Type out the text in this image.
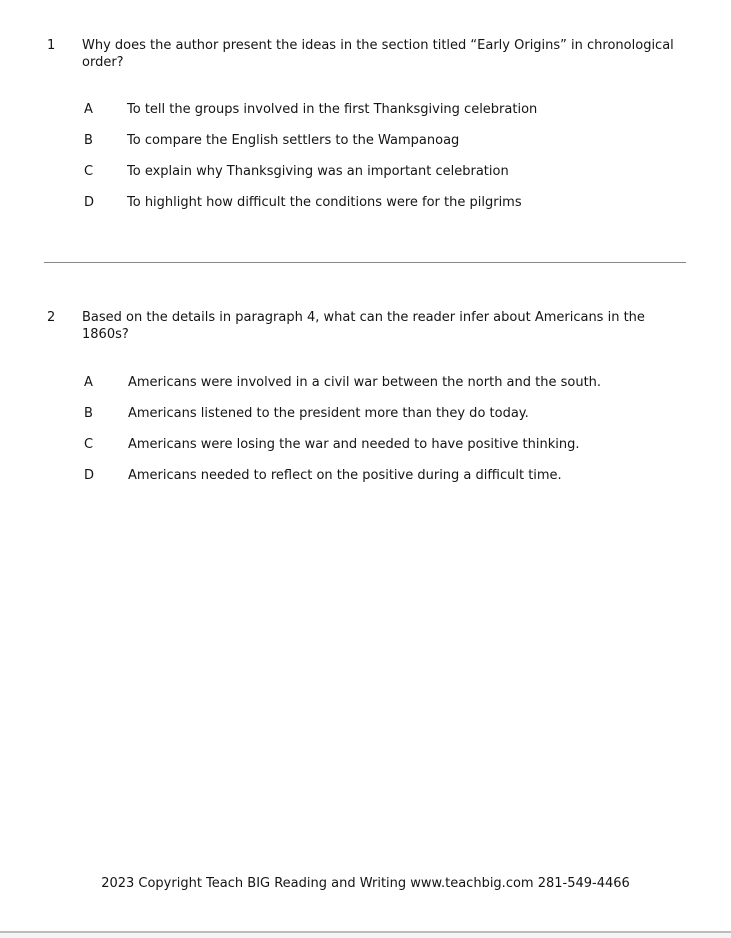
1	Why does the author present the ideas in the section titled “Early Origins” in chronological order?
A	To tell the groups involved in the first Thanksgiving celebration
B	To compare the English settlers to the Wampanoag
C	To explain why Thanksgiving was an important celebration
D	To highlight how difficult the conditions were for the pilgrims
2	Based on the details in paragraph 4, what can the reader infer about Americans in the 1860s?
A	Americans were involved in a civil war between the north and the south.
B	Americans listened to the president more than they do today.
C	Americans were losing the war and needed to have positive thinking.
D	Americans needed to reflect on the positive during a difficult time.
2023 Copyright Teach BIG Reading and Writing www.teachbig.com 281-549-4466
